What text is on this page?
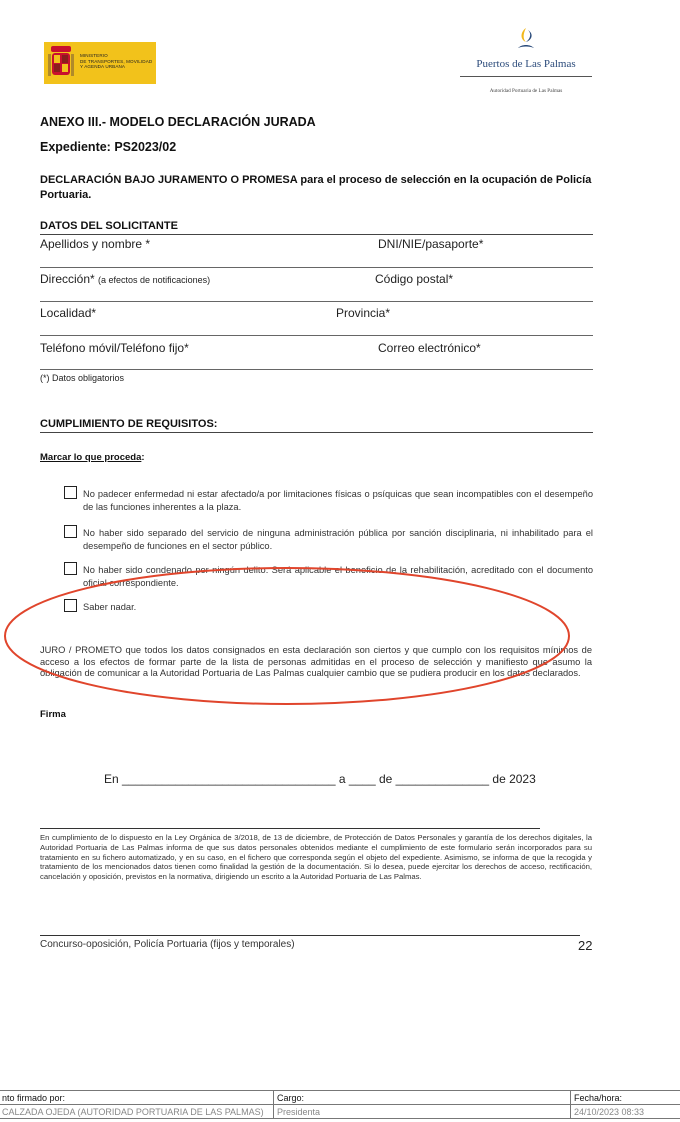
MINISTERIO
DE TRANSPORTES, MOVILIDAD
Y AGENDA URBANA	Puertos de Las Palmas
Autoridad Portuaria de Las Palmas
ANEXO III.- MODELO DECLARACIÓN JURADA
Expediente: PS2023/02
DECLARACIÓN BAJO JURAMENTO O PROMESA para el proceso de selección en la ocupación de Policía Portuaria.
DATOS DEL SOLICITANTE
Apellidos y nombre *	DNI/NIE/pasaporte*
Dirección* (a efectos de notificaciones)	Código postal*
Localidad*	Provincia*
Teléfono móvil/Teléfono fijo*	Correo electrónico*
(*) Datos obligatorios
CUMPLIMIENTO DE REQUISITOS:
Marcar lo que proceda:
No padecer enfermedad ni estar afectado/a por limitaciones físicas o psíquicas que sean incompatibles con el desempeño de las funciones inherentes a la plaza.
No haber sido separado del servicio de ninguna administración pública por sanción disciplinaria, ni inhabilitado para el desempeño de funciones en el sector público.
No haber sido condenado por ningún delito. Será aplicable el beneficio de la rehabilitación, acreditado con el documento oficial correspondiente.
Saber nadar.
JURO / PROMETO que todos los datos consignados en esta declaración son ciertos y que cumplo con los requisitos mínimos de acceso a los efectos de formar parte de la lista de personas admitidas en el proceso de selección y manifiesto que asumo la obligación de comunicar a la Autoridad Portuaria de Las Palmas cualquier cambio que se pudiera producir en los datos declarados.
Firma
En ________________________________ a ____ de ______________ de 2023
En cumplimiento de lo dispuesto en la Ley Orgánica de 3/2018, de 13 de diciembre, de Protección de Datos Personales y garantía de los derechos digitales, la Autoridad Portuaria de Las Palmas informa de que sus datos personales obtenidos mediante el cumplimiento de este formulario serán incorporados para su tratamiento en su fichero automatizado, y en su caso, en el fichero que corresponda según el objeto del expediente. Asimismo, se informa de que la recogida y tratamiento de los mencionados datos tienen como finalidad la gestión de la documentación. Si lo desea, puede ejercitar los derechos de acceso, rectificación, cancelación y oposición, previstos en la normativa, dirigiendo un escrito a la Autoridad Portuaria de Las Palmas.
Concurso-oposición, Policía Portuaria (fijos y temporales)	22
nto firmado por:	Cargo:	Fecha/hora:
CALZADA OJEDA (AUTORIDAD PORTUARIA DE LAS PALMAS)	Presidenta	24/10/2023 08:33
